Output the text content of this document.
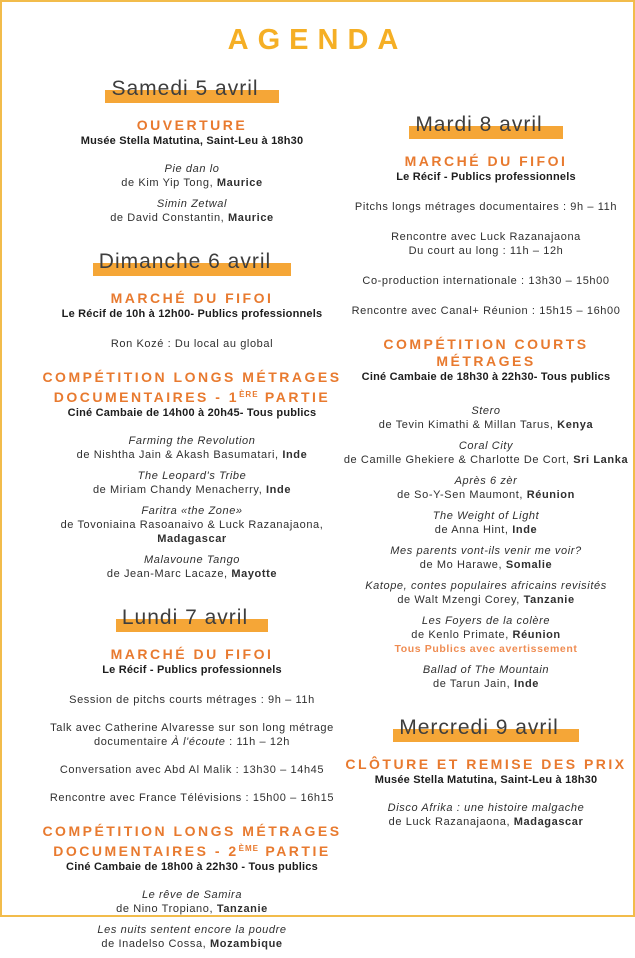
AGENDA
Samedi 5 avril
OUVERTURE
Musée Stella Matutina, Saint-Leu à 18h30
Pie dan lo
de Kim Yip Tong, Maurice
Simin Zetwal
de David Constantin, Maurice
Dimanche 6 avril
MARCHÉ DU FIFOI
Le Récif de 10h à 12h00- Publics professionnels
Ron Kozé : Du local au global
COMPÉTITION LONGS MÉTRAGES
DOCUMENTAIRES - 1ÈRE PARTIE
Ciné Cambaie de 14h00 à 20h45- Tous publics
Farming the Revolution
de Nishtha Jain & Akash Basumatari, Inde
The Leopard's Tribe
de Miriam Chandy Menacherry, Inde
Faritra «the Zone»
de Tovoniaina Rasoanaivo & Luck Razanajaona,
Madagascar
Malavoune Tango
de Jean-Marc Lacaze, Mayotte
Lundi 7 avril
MARCHÉ DU FIFOI
Le Récif - Publics professionnels
Session de pitchs courts métrages : 9h – 11h
Talk avec Catherine Alvaresse sur son long métrage documentaire À l'écoute : 11h – 12h
Conversation avec Abd Al Malik : 13h30 – 14h45
Rencontre avec France Télévisions : 15h00 – 16h15
COMPÉTITION LONGS MÉTRAGES
DOCUMENTAIRES - 2ÈME PARTIE
Ciné Cambaie de 18h00 à 22h30 - Tous publics
Le rêve de Samira
de Nino Tropiano, Tanzanie
Les nuits sentent encore la poudre
de Inadelso Cossa, Mozambique
Mardi 8 avril
MARCHÉ DU FIFOI
Le Récif - Publics professionnels
Pitchs longs métrages documentaires : 9h – 11h
Rencontre avec Luck Razanajaona
Du court au long : 11h – 12h
Co-production internationale : 13h30 – 15h00
Rencontre avec Canal+ Réunion : 15h15 – 16h00
COMPÉTITION COURTS MÉTRAGES
Ciné Cambaie de 18h30 à 22h30- Tous publics
Stero
de Tevin Kimathi & Millan Tarus, Kenya
Coral City
de Camille Ghekiere & Charlotte De Cort, Sri Lanka
Après 6 zèr
de So-Y-Sen Maumont, Réunion
The Weight of Light
de Anna Hint, Inde
Mes parents vont-ils venir me voir?
de Mo Harawe, Somalie
Katope, contes populaires africains revisités
de Walt Mzengi Corey, Tanzanie
Les Foyers de la colère
de Kenlo Primate, Réunion
Tous Publics avec avertissement
Ballad of The Mountain
de Tarun Jain, Inde
Mercredi 9 avril
CLÔTURE ET REMISE DES PRIX
Musée Stella Matutina, Saint-Leu à 18h30
Disco Afrika : une histoire malgache
de Luck Razanajaona, Madagascar
